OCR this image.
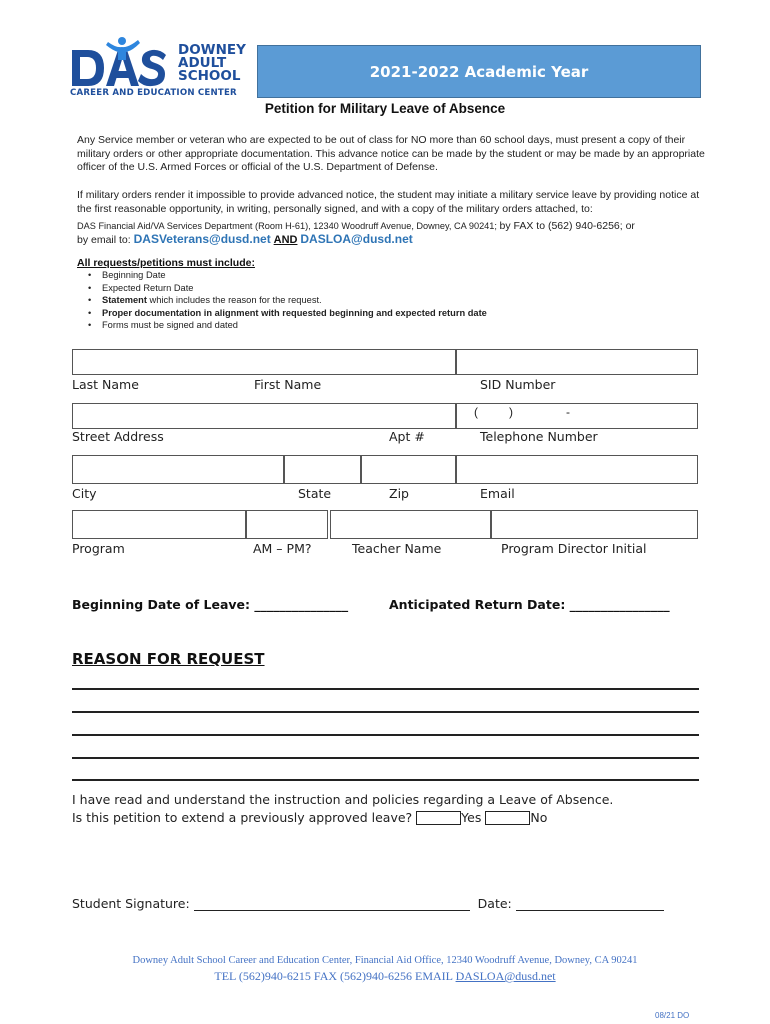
DOWNEY
ADULT
SCHOOL
CAREER AND EDUCATION CENTER
2021-2022 Academic Year
Petition for Military Leave of Absence
Any Service member or veteran who are expected to be out of class for NO more than 60 school days, must present a copy of their military orders or other appropriate documentation. This advance notice can be made by the student or may be made by an appropriate officer of the U.S. Armed Forces or official of the U.S. Department of Defense.
If military orders render it impossible to provide advanced notice, the student may initiate a military service leave by providing notice at the first reasonable opportunity, in writing, personally signed, and with a copy of the military orders attached, to:
DAS Financial Aid/VA Services Department (Room H-61), 12340 Woodruff Avenue, Downey, CA 90241; by FAX to (562) 940-6256; or
by email to: DASVeterans@dusd.net AND DASLOA@dusd.net
All requests/petitions must include:
• Beginning Date
• Expected Return Date
• Statement which includes the reason for the request.
• Proper documentation in alignment with requested beginning and expected return date
• Forms must be signed and dated
Last Name	First Name	SID Number
(	)	-
Street Address	Apt #	Telephone Number
City	State	Zip	Email
Program	AM – PM?	Teacher Name	Program Director Initial
Beginning Date of Leave: _______________	Anticipated Return Date: ________________
REASON FOR REQUEST
I have read and understand the instruction and policies regarding a Leave of Absence.
Is this petition to extend a previously approved leave?	Yes	No
Student Signature:	Date:
Downey Adult School Career and Education Center, Financial Aid Office, 12340 Woodruff Avenue, Downey, CA 90241
TEL (562)940-6215 FAX (562)940-6256 EMAIL DASLOA@dusd.net
08/21 DO
